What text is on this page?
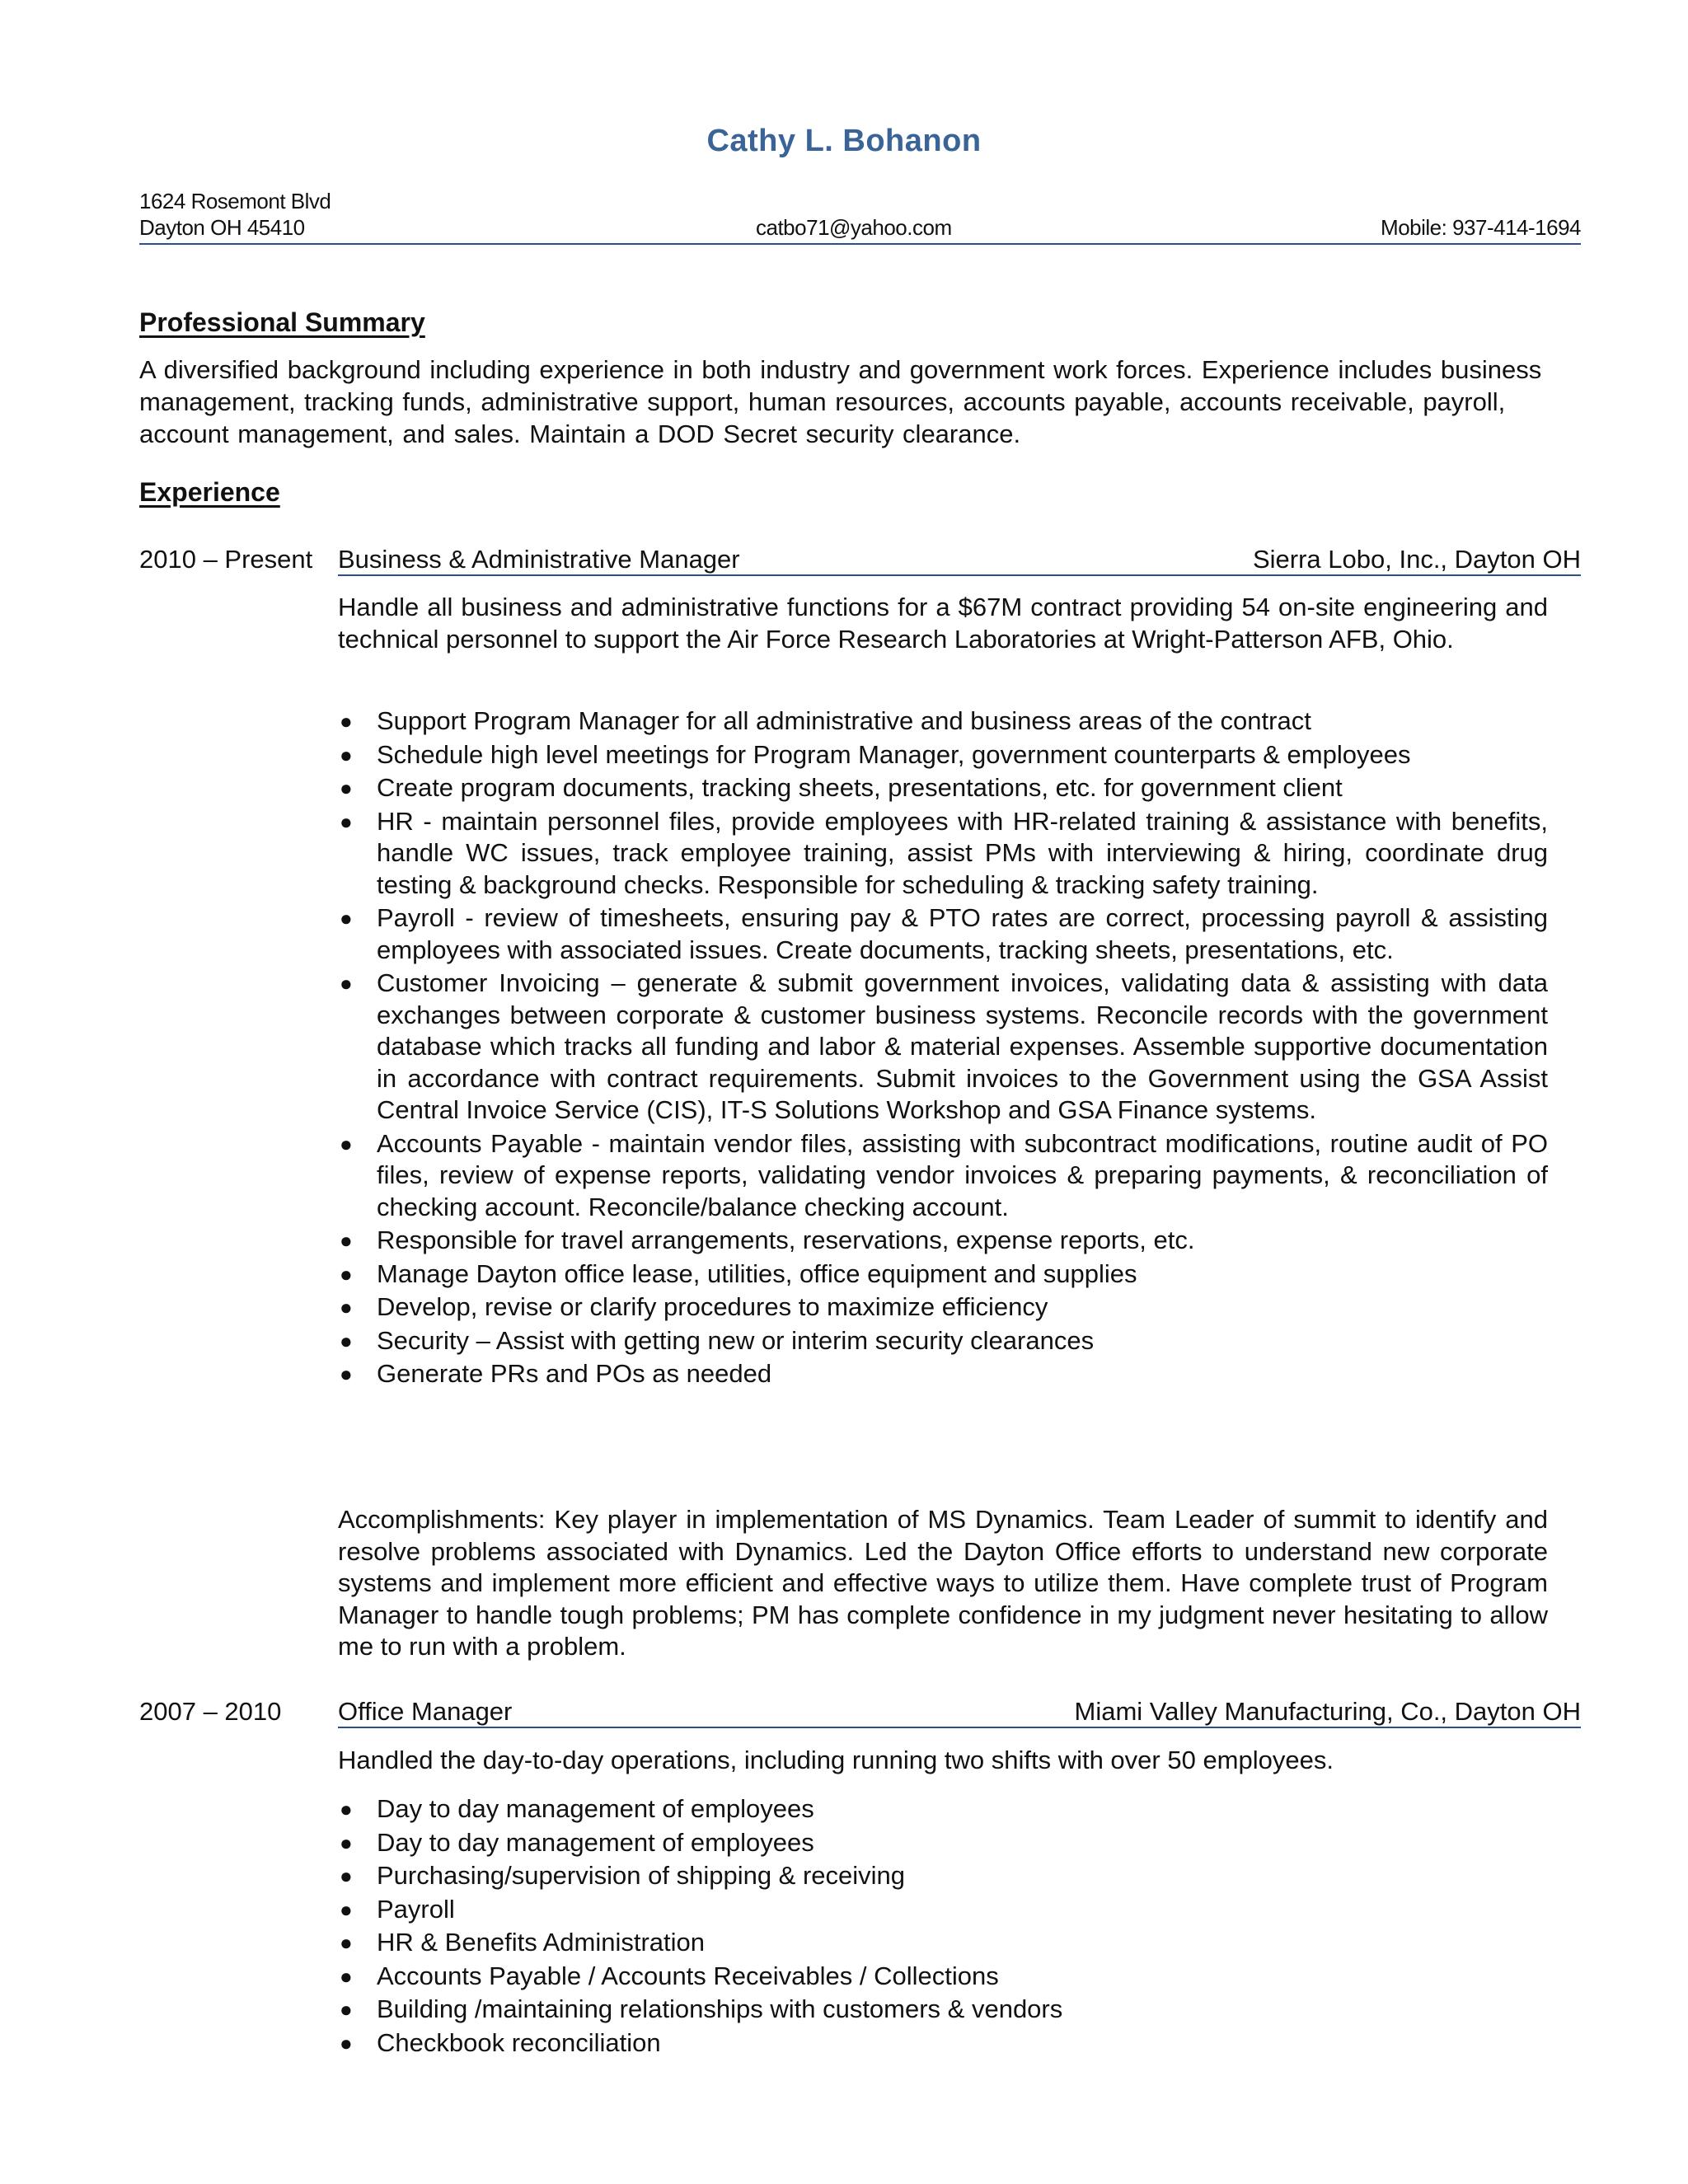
Cathy L. Bohanon
1624 Rosemont Blvd
Dayton OH 45410	catbo71@yahoo.com	Mobile: 937-414-1694
Professional Summary
A diversified background including experience in both industry and government work forces. Experience includes business management, tracking funds, administrative support, human resources, accounts payable, accounts receivable, payroll, account management, and sales. Maintain a DOD Secret security clearance.
Experience
2010 – Present Business & Administrative Manager	Sierra Lobo, Inc., Dayton OH
Handle all business and administrative functions for a $67M contract providing 54 on-site engineering and technical personnel to support the Air Force Research Laboratories at Wright-Patterson AFB, Ohio.
● Support Program Manager for all administrative and business areas of the contract
● Schedule high level meetings for Program Manager, government counterparts & employees
● Create program documents, tracking sheets, presentations, etc. for government client
● HR - maintain personnel files, provide employees with HR-related training & assistance with benefits, handle WC issues, track employee training, assist PMs with interviewing & hiring, coordinate drug testing & background checks. Responsible for scheduling & tracking safety training.
● Payroll - review of timesheets, ensuring pay & PTO rates are correct, processing payroll & assisting employees with associated issues. Create documents, tracking sheets, presentations, etc.
● Customer Invoicing – generate & submit government invoices, validating data & assisting with data exchanges between corporate & customer business systems. Reconcile records with the government database which tracks all funding and labor & material expenses. Assemble supportive documentation in accordance with contract requirements. Submit invoices to the Government using the GSA Assist Central Invoice Service (CIS), IT-S Solutions Workshop and GSA Finance systems.
● Accounts Payable - maintain vendor files, assisting with subcontract modifications, routine audit of PO files, review of expense reports, validating vendor invoices & preparing payments, & reconciliation of checking account. Reconcile/balance checking account.
● Responsible for travel arrangements, reservations, expense reports, etc.
● Manage Dayton office lease, utilities, office equipment and supplies
● Develop, revise or clarify procedures to maximize efficiency
● Security – Assist with getting new or interim security clearances
● Generate PRs and POs as needed
Accomplishments: Key player in implementation of MS Dynamics. Team Leader of summit to identify and resolve problems associated with Dynamics. Led the Dayton Office efforts to understand new corporate systems and implement more efficient and effective ways to utilize them. Have complete trust of Program Manager to handle tough problems; PM has complete confidence in my judgment never hesitating to allow me to run with a problem.
2007 – 2010 Office Manager	Miami Valley Manufacturing, Co., Dayton OH
Handled the day-to-day operations, including running two shifts with over 50 employees.
● Day to day management of employees
● Day to day management of employees
● Purchasing/supervision of shipping & receiving
● Payroll
● HR & Benefits Administration
● Accounts Payable / Accounts Receivables / Collections
● Building /maintaining relationships with customers & vendors
● Checkbook reconciliation
